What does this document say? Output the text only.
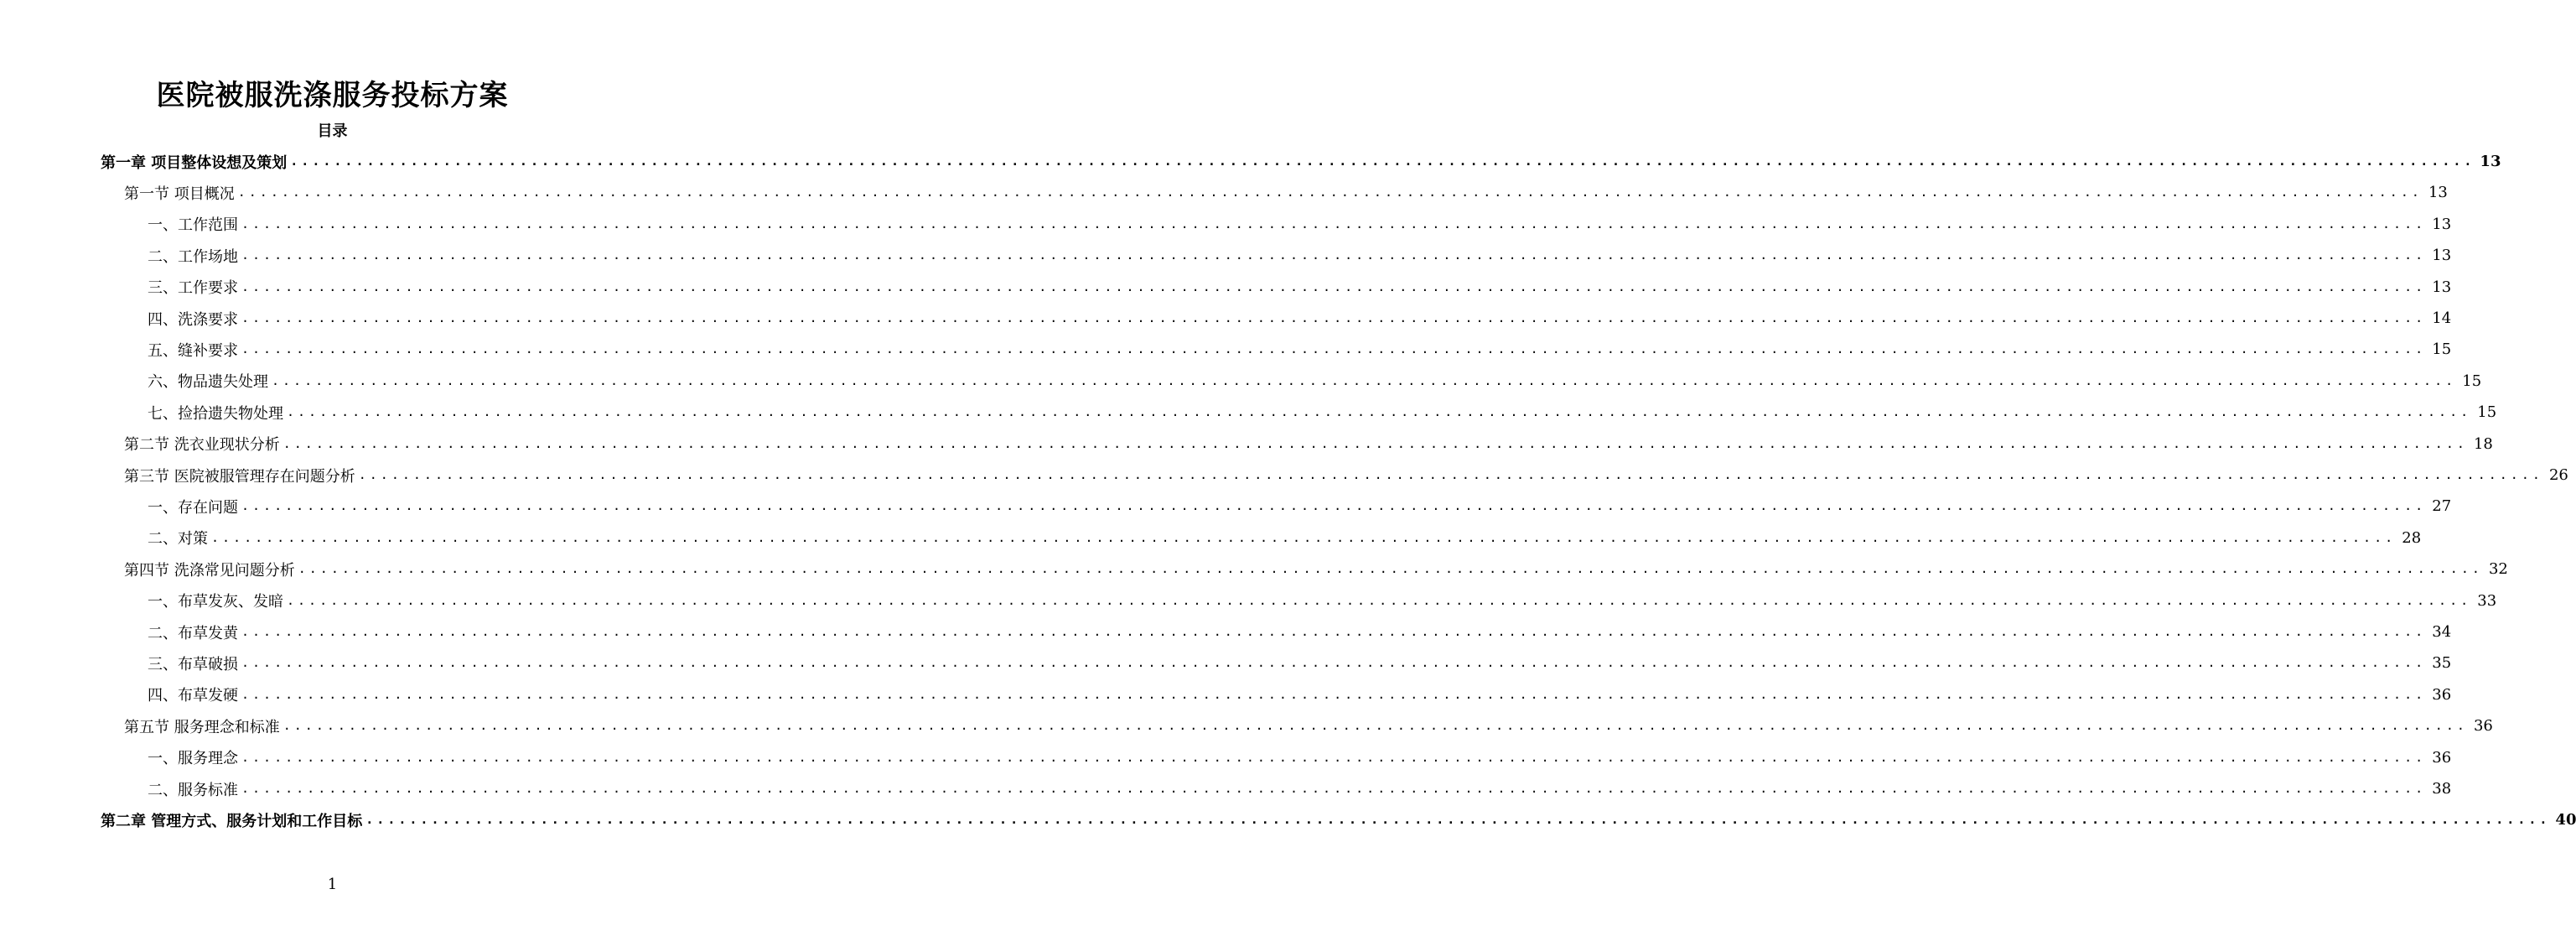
医院被服洗涤服务投标方案
目录
第一章 项目整体设想及策划 ........................................................................................................................................................................................................ 13
第一节 项目概况 ........................................................................................................................................................................................................ 13
一、工作范围 ........................................................................................................................................................................................................ 13
二、工作场地 ........................................................................................................................................................................................................ 13
三、工作要求 ........................................................................................................................................................................................................ 13
四、洗涤要求 ........................................................................................................................................................................................................ 14
五、缝补要求 ........................................................................................................................................................................................................ 15
六、物品遗失处理 ........................................................................................................................................................................................................ 15
七、捡拾遗失物处理 ........................................................................................................................................................................................................ 15
第二节 洗衣业现状分析 ........................................................................................................................................................................................................ 18
第三节 医院被服管理存在问题分析 ........................................................................................................................................................................................................ 26
一、存在问题 ........................................................................................................................................................................................................ 27
二、对策 ........................................................................................................................................................................................................ 28
第四节 洗涤常见问题分析 ........................................................................................................................................................................................................ 32
一、布草发灰、发暗 ........................................................................................................................................................................................................ 33
二、布草发黄 ........................................................................................................................................................................................................ 34
三、布草破损 ........................................................................................................................................................................................................ 35
四、布草发硬 ........................................................................................................................................................................................................ 36
第五节 服务理念和标准 ........................................................................................................................................................................................................ 36
一、服务理念 ........................................................................................................................................................................................................ 36
二、服务标准 ........................................................................................................................................................................................................ 38
第二章 管理方式、服务计划和工作目标 ........................................................................................................................................................................................................ 40
1
